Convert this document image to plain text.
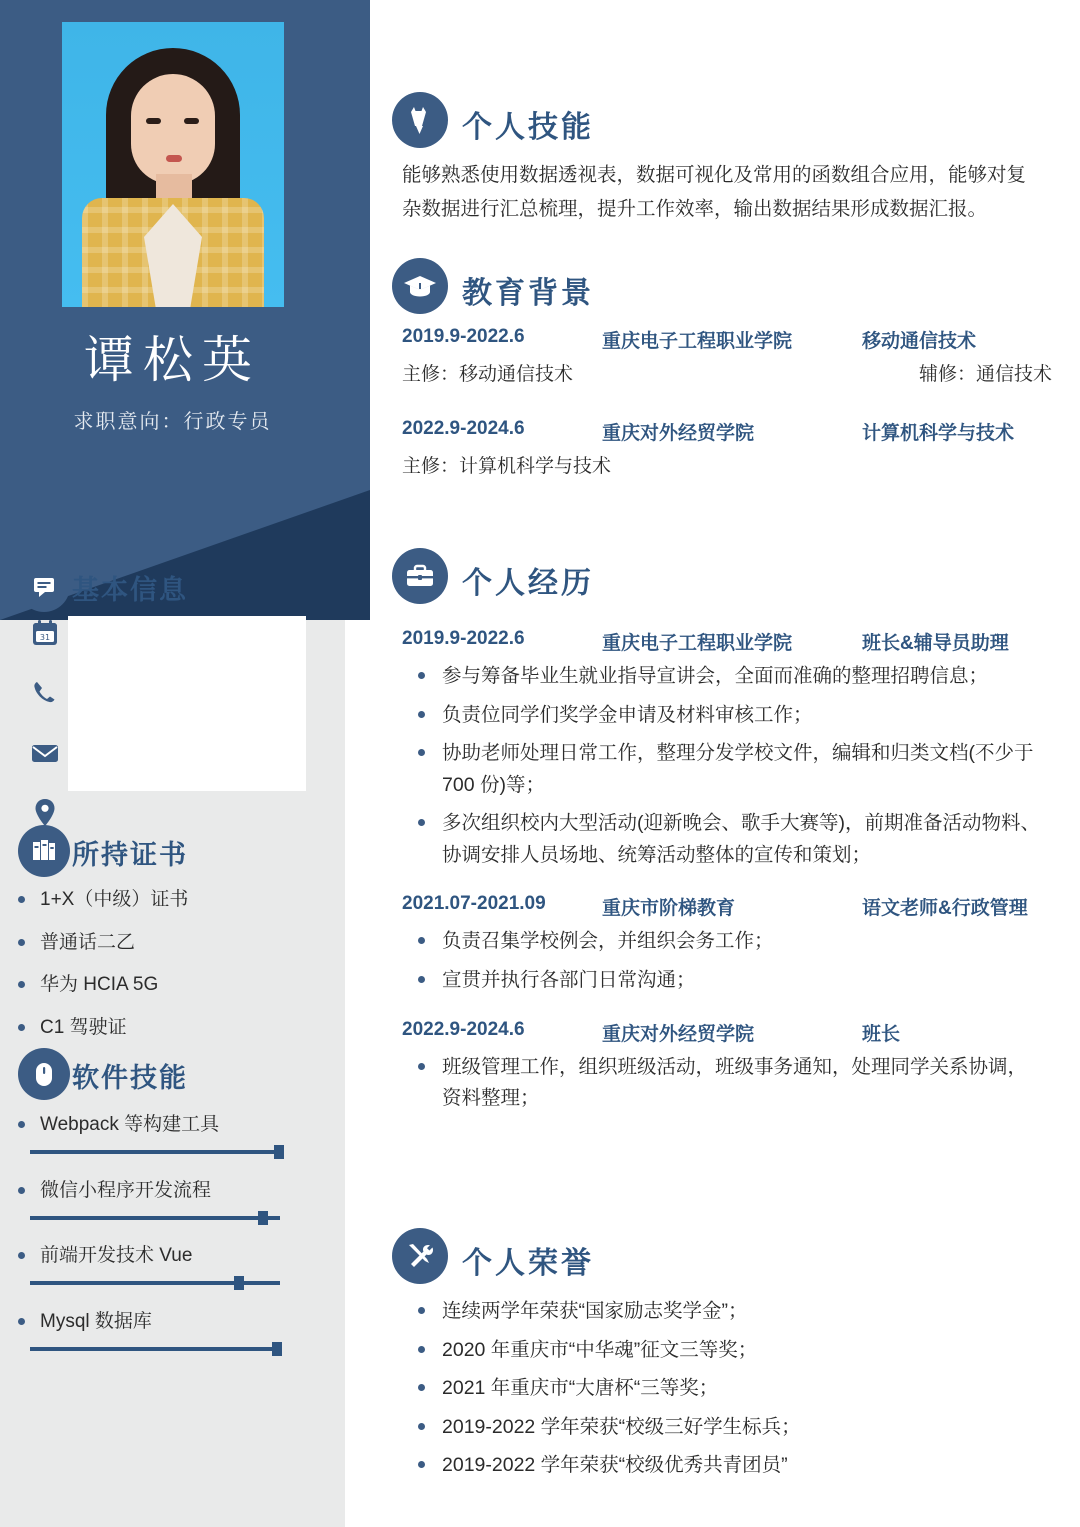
谭松英
求职意向：行政专员
基本信息
31
所持证书
1+X（中级）证书
普通话二乙
华为 HCIA 5G
C1 驾驶证
软件技能
Webpack 等构建工具
微信小程序开发流程
前端开发技术 Vue
Mysql 数据库
个人技能
能够熟悉使用数据透视表，数据可视化及常用的函数组合应用，能够对复杂数据进行汇总梳理，提升工作效率，输出数据结果形成数据汇报。
教育背景
2019.9-2022.6	重庆电子工程职业学院	移动通信技术
主修：移动通信技术	辅修：通信技术
2022.9-2024.6	重庆对外经贸学院	计算机科学与技术
主修：计算机科学与技术
个人经历
2019.9-2022.6	重庆电子工程职业学院	班长&辅导员助理
参与筹备毕业生就业指导宣讲会，全面而准确的整理招聘信息；
负责位同学们奖学金申请及材料审核工作；
协助老师处理日常工作，整理分发学校文件，编辑和归类文档(不少于 700 份)等；
多次组织校内大型活动(迎新晚会、歌手大赛等)，前期准备活动物料、协调安排人员场地、统筹活动整体的宣传和策划；
2021.07-2021.09	重庆市阶梯教育	语文老师&行政管理
负责召集学校例会，并组织会务工作；
宣贯并执行各部门日常沟通；
2022.9-2024.6	重庆对外经贸学院	班长
班级管理工作，组织班级活动，班级事务通知，处理同学关系协调，资料整理；
个人荣誉
连续两学年荣获“国家励志奖学金”；
2020 年重庆市“中华魂”征文三等奖；
2021 年重庆市“大唐杯“三等奖；
2019-2022 学年荣获“校级三好学生标兵；
2019-2022 学年荣获“校级优秀共青团员”
